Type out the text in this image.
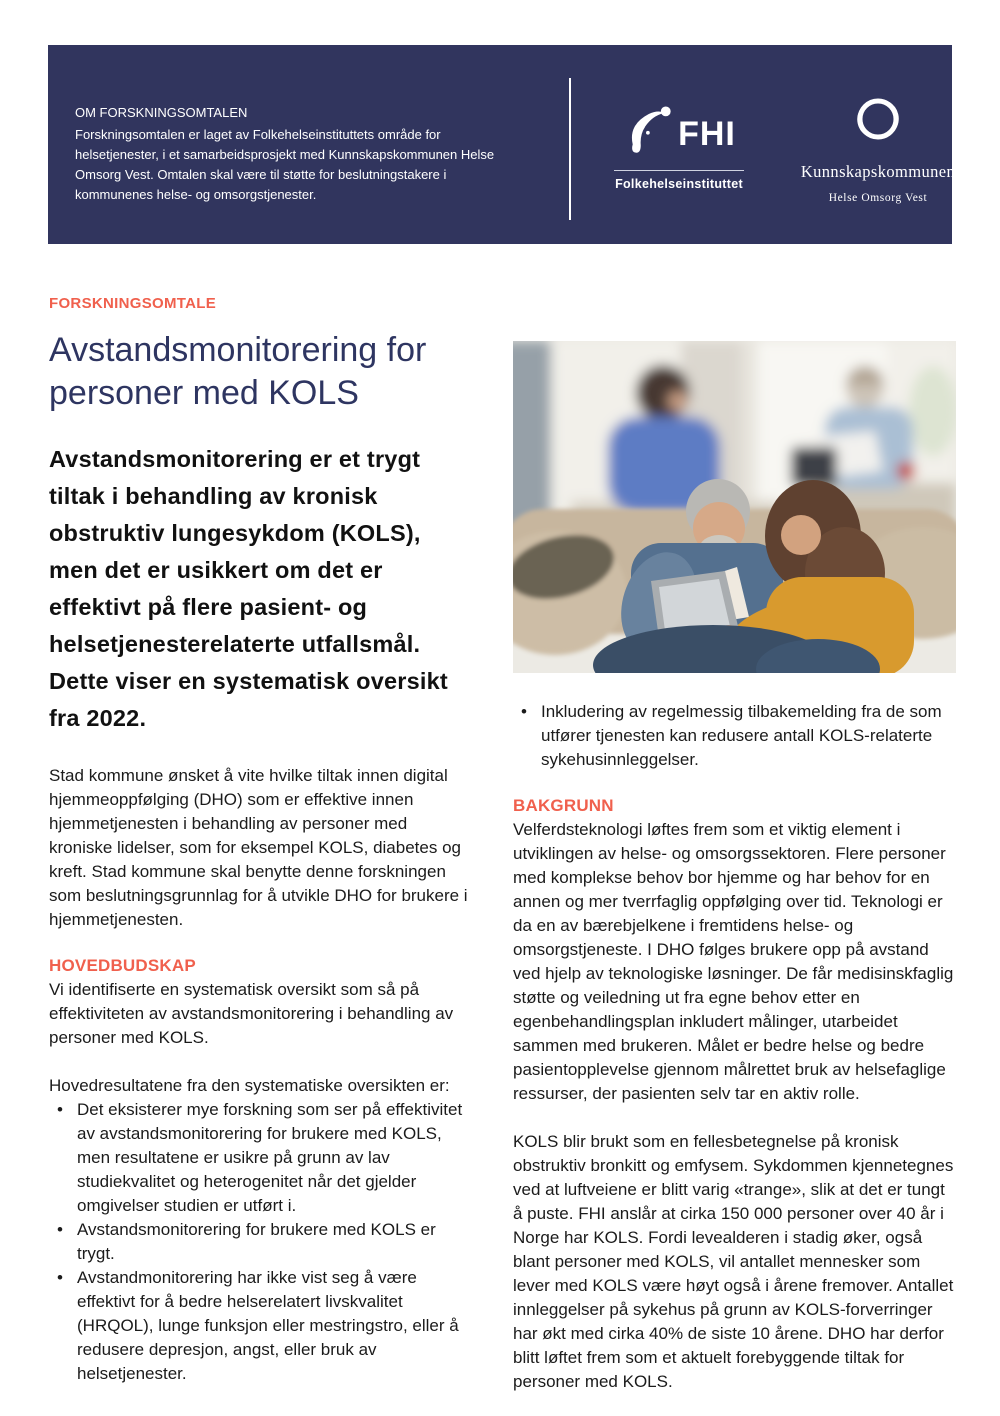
OM FORSKNINGSOMTALEN
Forskningsomtalen er laget av Folkehelseinstituttets område for helsetjenester, i et samarbeidsprosjekt med Kunnskapskommunen Helse Omsorg Vest. Omtalen skal være til støtte for beslutningstakere i kommunenes helse- og omsorgstjenester.
FHI
Folkehelseinstituttet
Kunnskapskommunen
Helse Omsorg Vest
FORSKNINGSOMTALE
Avstandsmonitorering for personer med KOLS

Avstandsmonitorering er et trygt tiltak i behandling av kronisk obstruktiv lungesykdom (KOLS), men det er usikkert om det er effektivt på flere pasient- og helsetjenesterelaterte utfallsmål. Dette viser en systematisk oversikt fra 2022.

Stad kommune ønsket å vite hvilke tiltak innen digital hjemmeoppfølging (DHO) som er effektive innen hjemmetjenesten i behandling av personer med kroniske lidelser, som for eksempel KOLS, diabetes og kreft. Stad kommune skal benytte denne forskningen som beslutningsgrunnlag for å utvikle DHO for brukere i hjemmetjenesten.

HOVEDBUDSKAP

Vi identifiserte en systematisk oversikt som så på effektiviteten av avstandsmonitorering i behandling av personer med KOLS.

Hovedresultatene fra den systematiske oversikten er:

• Det eksisterer mye forskning som ser på effektivitet av avstandsmonitorering for brukere med KOLS, men resultatene er usikre på grunn av lav studiekvalitet og heterogenitet når det gjelder omgivelser studien er utført i.
• Avstandsmonitorering for brukere med KOLS er trygt.
• Avstandmonitorering har ikke vist seg å være effektivt for å bedre helserelatert livskvalitet (HRQOL), lunge funksjon eller mestringstro, eller å redusere depresjon, angst, eller bruk av helsetjenester.
• Inkludering av regelmessig tilbakemelding fra de som utfører tjenesten kan redusere antall KOLS-relaterte sykehusinnleggelser.
BAKGRUNN

Velferdsteknologi løftes frem som et viktig element i utviklingen av helse- og omsorgssektoren. Flere personer med komplekse behov bor hjemme og har behov for en annen og mer tverrfaglig oppfølging over tid. Teknologi er da en av bærebjelkene i fremtidens helse- og omsorgstjeneste. I DHO følges brukere opp på avstand ved hjelp av teknologiske løsninger. De får medisinskfaglig støtte og veiledning ut fra egne behov etter en egenbehandlingsplan inkludert målinger, utarbeidet sammen med brukeren. Målet er bedre helse og bedre pasientopplevelse gjennom målrettet bruk av helsefaglige ressurser, der pasienten selv tar en aktiv rolle.

KOLS blir brukt som en fellesbetegnelse på kronisk obstruktiv bronkitt og emfysem. Sykdommen kjennetegnes ved at luftveiene er blitt varig «trange», slik at det er tungt å puste. FHI anslår at cirka 150 000 personer over 40 år i Norge har KOLS. Fordi levealderen i stadig øker, også blant personer med KOLS, vil antallet mennesker som lever med KOLS være høyt også i årene fremover. Antallet innleggelser på sykehus på grunn av KOLS-forverringer har økt med cirka 40% de siste 10 årene. DHO har derfor blitt løftet frem som et aktuelt forebyggende tiltak for personer med KOLS.
